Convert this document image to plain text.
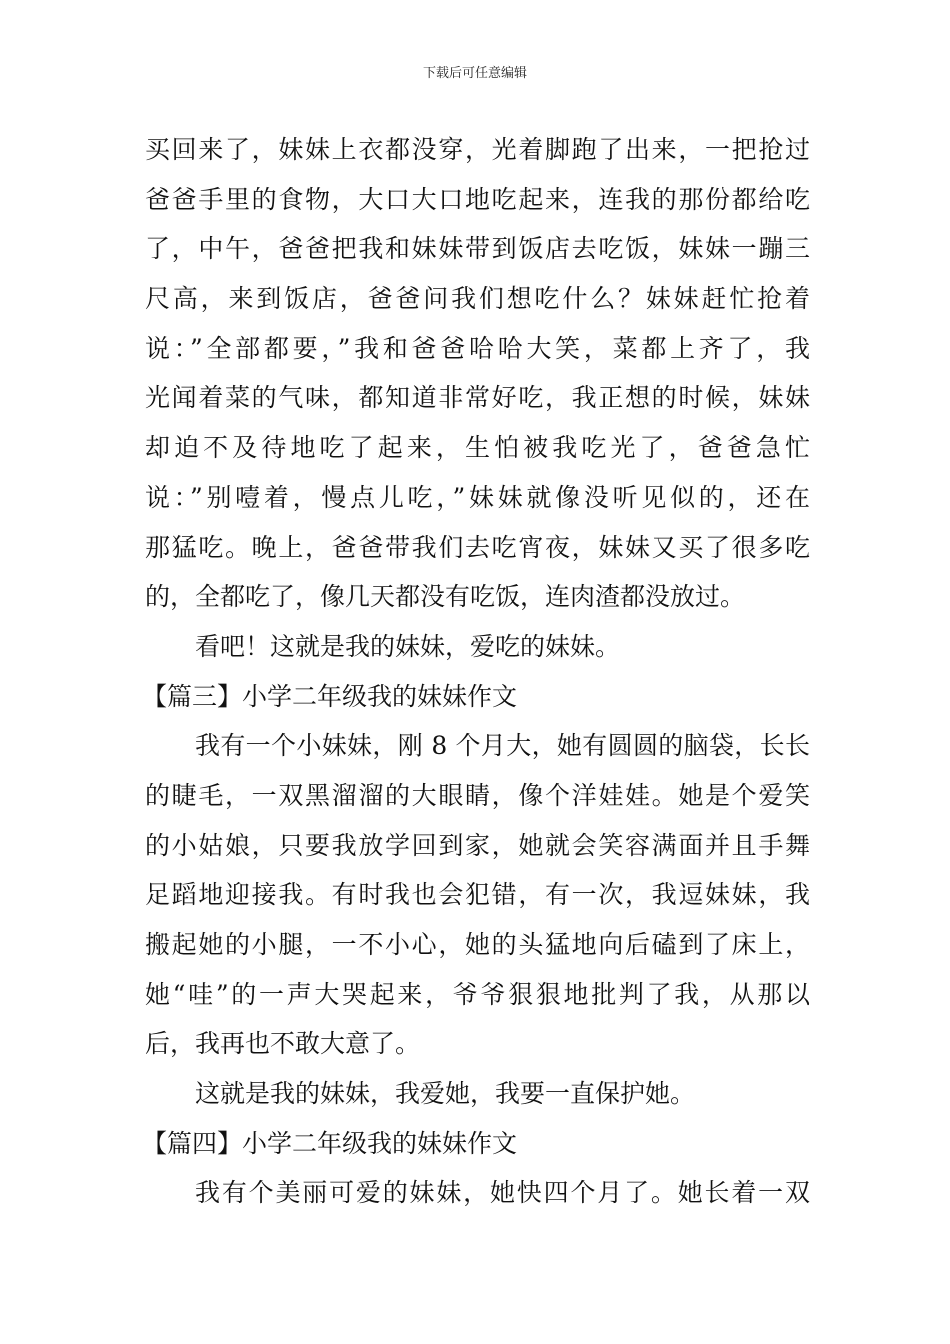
下载后可任意编辑
买回来了，妹妹上衣都没穿，光着脚跑了出来，一把抢过
爸爸手里的食物，大口大口地吃起来，连我的那份都给吃
了，中午，爸爸把我和妹妹带到饭店去吃饭，妹妹一蹦三
尺高，来到饭店，爸爸问我们想吃什么？妹妹赶忙抢着
说：”全部都要，”我和爸爸哈哈大笑，菜都上齐了，我
光闻着菜的气味，都知道非常好吃，我正想的时候，妹妹
却迫不及待地吃了起来，生怕被我吃光了，爸爸急忙
说：”别噎着，慢点儿吃，”妹妹就像没听见似的，还在
那猛吃。晚上，爸爸带我们去吃宵夜，妹妹又买了很多吃
的，全都吃了，像几天都没有吃饭，连肉渣都没放过。
看吧！这就是我的妹妹，爱吃的妹妹。
【篇三】小学二年级我的妹妹作文
我有一个小妹妹，刚 8 个月大，她有圆圆的脑袋，长长
的睫毛，一双黑溜溜的大眼睛，像个洋娃娃。她是个爱笑
的小姑娘，只要我放学回到家，她就会笑容满面并且手舞
足蹈地迎接我。有时我也会犯错，有一次，我逗妹妹，我
搬起她的小腿，一不小心，她的头猛地向后磕到了床上，
她“哇”的一声大哭起来，爷爷狠狠地批判了我，从那以
后，我再也不敢大意了。
这就是我的妹妹，我爱她，我要一直保护她。
【篇四】小学二年级我的妹妹作文
我有个美丽可爱的妹妹，她快四个月了。她长着一双
